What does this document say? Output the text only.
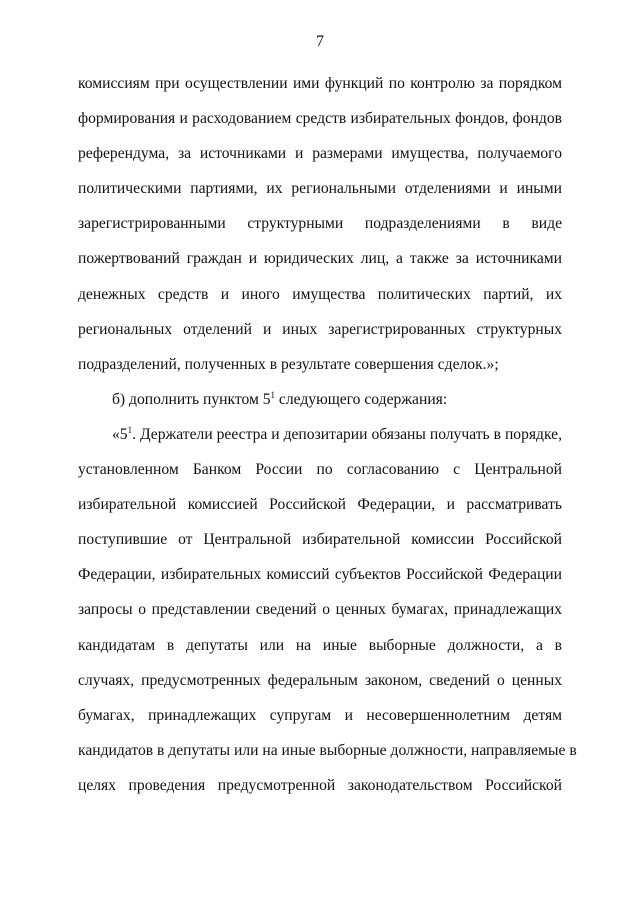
7
комиссиям при осуществлении ими функций по контролю за порядком
формирования и расходованием средств избирательных фондов, фондов
референдума, за источниками и размерами имущества, получаемого
политическими партиями, их региональными отделениями и иными
зарегистрированными структурными подразделениями в виде
пожертвований граждан и юридических лиц, а также за источниками
денежных средств и иного имущества политических партий, их
региональных отделений и иных зарегистрированных структурных
подразделений, полученных в результате совершения сделок.»;
б) дополнить пунктом $5^1$ следующего содержания:
«$5^1$. Держатели реестра и депозитарии обязаны получать в порядке,
установленном Банком России по согласованию с Центральной
избирательной комиссией Российской Федерации, и рассматривать
поступившие от Центральной избирательной комиссии Российской
Федерации, избирательных комиссий субъектов Российской Федерации
запросы о представлении сведений о ценных бумагах, принадлежащих
кандидатам в депутаты или на иные выборные должности, а в
случаях, предусмотренных федеральным законом, сведений о ценных
бумагах, принадлежащих супругам и несовершеннолетним детям
кандидатов в депутаты или на иные выборные должности, направляемые в
целях проведения предусмотренной законодательством Российской
